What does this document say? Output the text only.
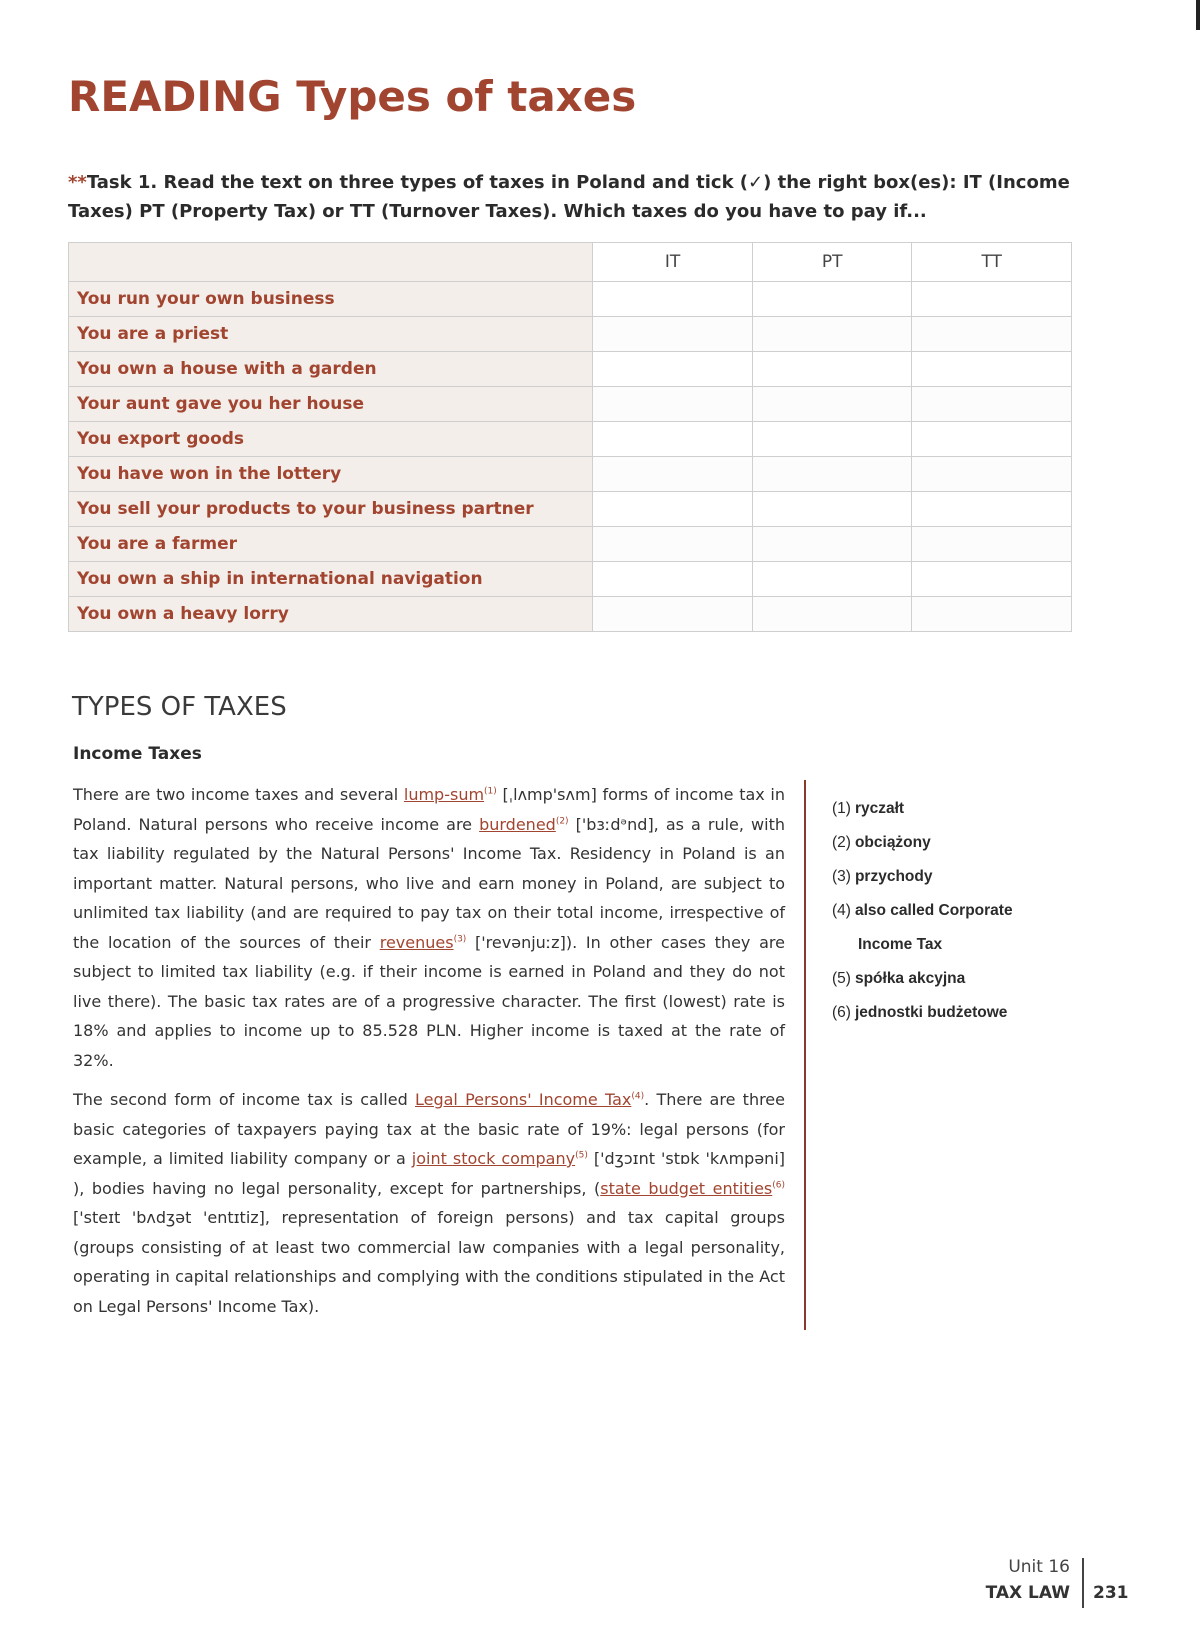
READING Types of taxes
**Task 1. Read the text on three types of taxes in Poland and tick (✓) the right box(es): IT (Income Taxes) PT (Property Tax) or TT (Turnover Taxes). Which taxes do you have to pay if...
	IT	PT	TT
You run your own business			
You are a priest			
You own a house with a garden			
Your aunt gave you her house			
You export goods			
You have won in the lottery			
You sell your products to your business partner			
You are a farmer			
You own a ship in international navigation			
You own a heavy lorry			
TYPES OF TAXES
Income Taxes

There are two income taxes and several lump-sum$^{(1)}$ [ˌlʌmp'sʌm] forms of income tax in Poland. Natural persons who receive income are burdened$^{(2)}$ ['bɜːdᵊnd], as a rule, with tax liability regulated by the Natural Persons' Income Tax. Residency in Poland is an important matter. Natural persons, who live and earn money in Poland, are subject to unlimited tax liability (and are required to pay tax on their total income, irrespective of the location of the sources of their revenues$^{(3)}$ ['revənjuːz]). In other cases they are subject to limited tax liability (e.g. if their income is earned in Poland and they do not live there). The basic tax rates are of a progressive character. The first (lowest) rate is 18% and applies to income up to 85.528 PLN. Higher income is taxed at the rate of 32%.

The second form of income tax is called Legal Persons' Income Tax$^{(4)}$. There are three basic categories of taxpayers paying tax at the basic rate of 19%: legal persons (for example, a limited liability company or a joint stock company$^{(5)}$ ['dʒɔɪnt 'stɒk 'kʌmpəni] ), bodies having no legal personality, except for partnerships, (state budget entities$^{(6)}$ ['steɪt 'bʌdʒət 'entɪtiz], representation of foreign persons) and tax capital groups (groups consisting of at least two commercial law companies with a legal personality, operating in capital relationships and complying with the conditions stipulated in the Act on Legal Persons' Income Tax).

(1) ryczałt
(2) obciążony
(3) przychody
(4) also called Corporate
Income Tax
(5) spółka akcyjna
(6) jednostki budżetowe
Unit 16
TAX LAW 231
